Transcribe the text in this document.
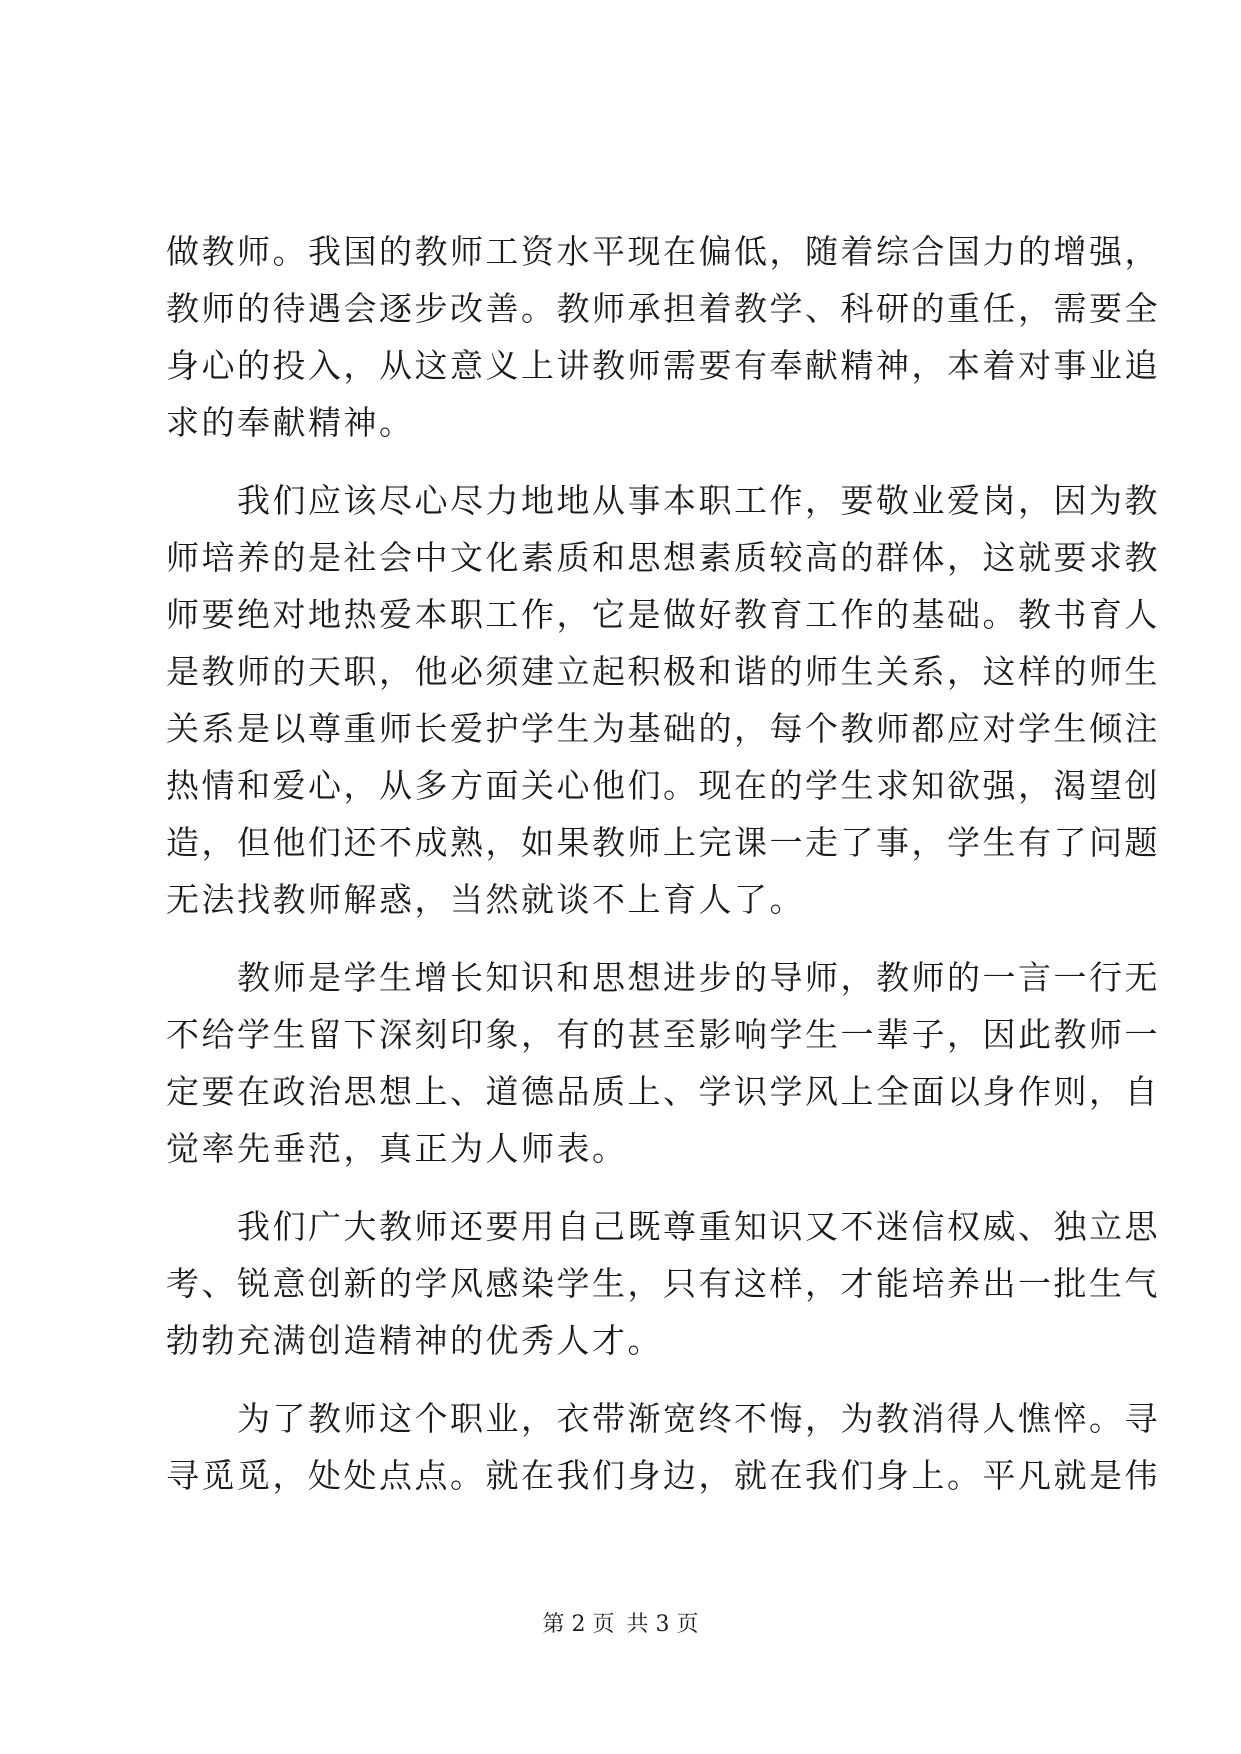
做教师。我国的教师工资水平现在偏低，随着综合国力的增强，
教师的待遇会逐步改善。教师承担着教学、科研的重任，需要全
身心的投入，从这意义上讲教师需要有奉献精神，本着对事业追
求的奉献精神。
　　我们应该尽心尽力地地从事本职工作，要敬业爱岗，因为教
师培养的是社会中文化素质和思想素质较高的群体，这就要求教
师要绝对地热爱本职工作，它是做好教育工作的基础。教书育人
是教师的天职，他必须建立起积极和谐的师生关系，这样的师生
关系是以尊重师长爱护学生为基础的，每个教师都应对学生倾注
热情和爱心，从多方面关心他们。现在的学生求知欲强，渴望创
造，但他们还不成熟，如果教师上完课一走了事，学生有了问题
无法找教师解惑，当然就谈不上育人了。
　　教师是学生增长知识和思想进步的导师，教师的一言一行无
不给学生留下深刻印象，有的甚至影响学生一辈子，因此教师一
定要在政治思想上、道德品质上、学识学风上全面以身作则，自
觉率先垂范，真正为人师表。
　　我们广大教师还要用自己既尊重知识又不迷信权威、独立思
考、锐意创新的学风感染学生，只有这样，才能培养出一批生气
勃勃充满创造精神的优秀人才。
　　为了教师这个职业，衣带渐宽终不悔，为教消得人憔悴。寻
寻觅觅，处处点点。就在我们身边，就在我们身上。平凡就是伟
第 2 页 共 3 页
